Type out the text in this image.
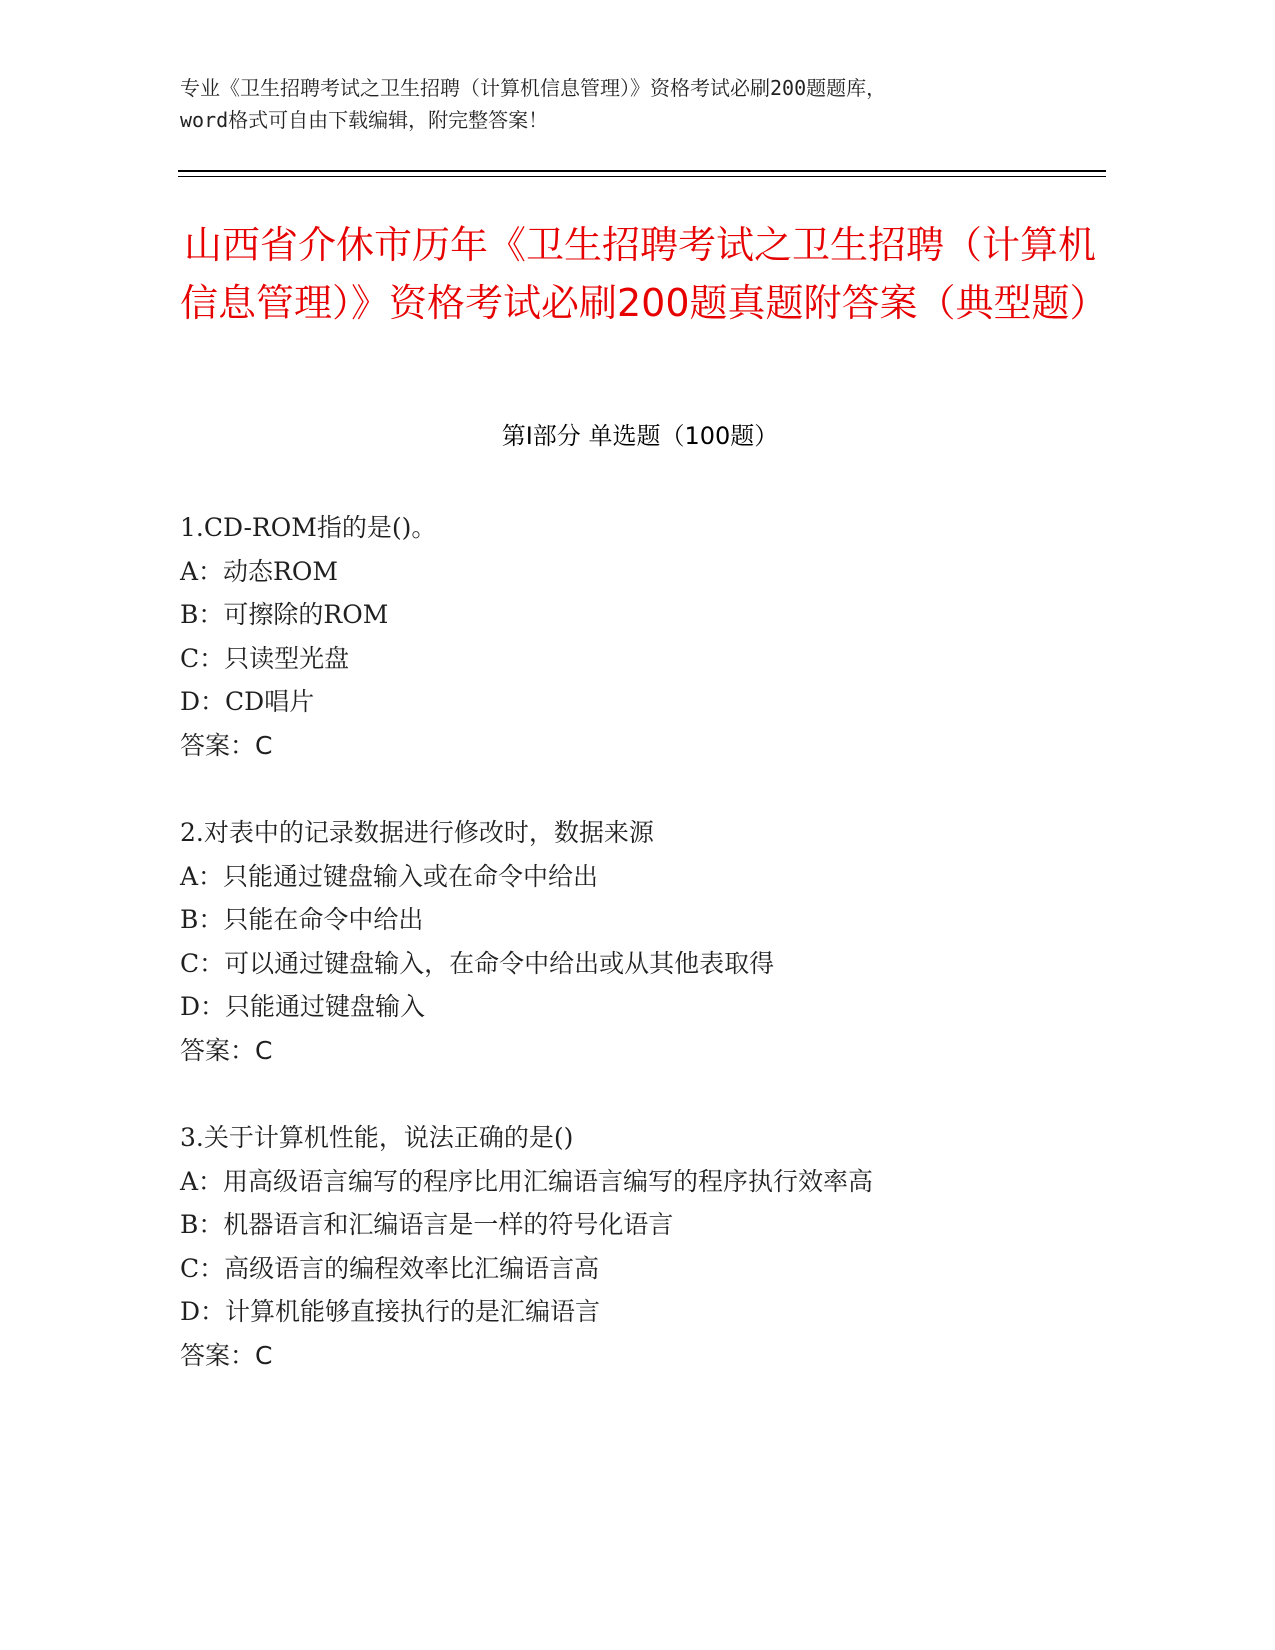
专业《卫生招聘考试之卫生招聘（计算机信息管理）》资格考试必刷200题题库，
word格式可自由下载编辑，附完整答案！
山西省介休市历年《卫生招聘考试之卫生招聘（计算机信息管理）》资格考试必刷200题真题附答案（典型题）
第I部分 单选题（100题）
1.CD-ROM指的是()。
A：动态ROM
B：可擦除的ROM
C：只读型光盘
D：CD唱片
答案：C
2.对表中的记录数据进行修改时，数据来源
A：只能通过键盘输入或在命令中给出
B：只能在命令中给出
C：可以通过键盘输入，在命令中给出或从其他表取得
D：只能通过键盘输入
答案：C
3.关于计算机性能，说法正确的是()
A：用高级语言编写的程序比用汇编语言编写的程序执行效率高
B：机器语言和汇编语言是一样的符号化语言
C：高级语言的编程效率比汇编语言高
D：计算机能够直接执行的是汇编语言
答案：C
